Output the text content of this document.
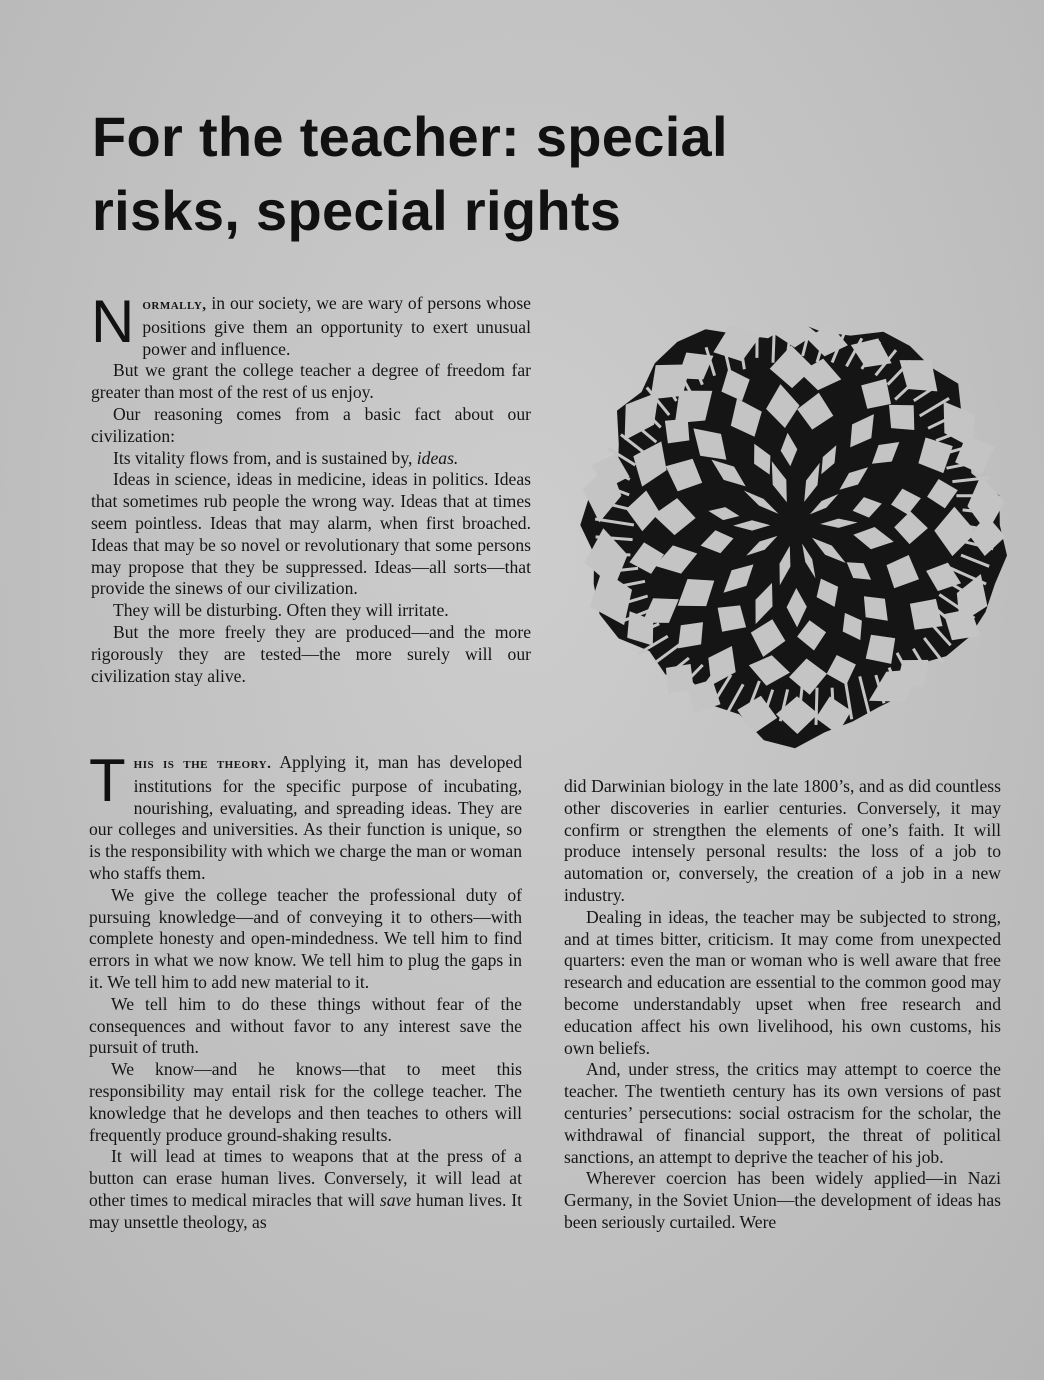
For the teacher: special risks, special rights

Normally, in our society, we are wary of persons whose positions give them an opportunity to exert unusual power and influence.

But we grant the college teacher a degree of freedom far greater than most of the rest of us enjoy.

Our reasoning comes from a basic fact about our civilization:

Its vitality flows from, and is sustained by, ideas.

Ideas in science, ideas in medicine, ideas in politics. Ideas that sometimes rub people the wrong way. Ideas that at times seem pointless. Ideas that may alarm, when first broached. Ideas that may be so novel or revolutionary that some persons may propose that they be suppressed. Ideas—all sorts—that provide the sinews of our civilization.

They will be disturbing. Often they will irritate.

But the more freely they are produced—and the more rigorously they are tested—the more surely will our civilization stay alive.

This is the theory. Applying it, man has developed institutions for the specific purpose of incubating, nourishing, evaluating, and spreading ideas. They are our colleges and universities. As their function is unique, so is the responsibility with which we charge the man or woman who staffs them.

We give the college teacher the professional duty of pursuing knowledge—and of conveying it to others—with complete honesty and open-mindedness. We tell him to find errors in what we now know. We tell him to plug the gaps in it. We tell him to add new material to it.

We tell him to do these things without fear of the consequences and without favor to any interest save the pursuit of truth.

We know—and he knows—that to meet this responsibility may entail risk for the college teacher. The knowledge that he develops and then teaches to others will frequently produce ground-shaking results.

It will lead at times to weapons that at the press of a button can erase human lives. Conversely, it will lead at other times to medical miracles that will save human lives. It may unsettle theology, as

did Darwinian biology in the late 1800’s, and as did countless other discoveries in earlier centuries. Conversely, it may confirm or strengthen the elements of one’s faith. It will produce intensely personal results: the loss of a job to automation or, conversely, the creation of a job in a new industry.

Dealing in ideas, the teacher may be subjected to strong, and at times bitter, criticism. It may come from unexpected quarters: even the man or woman who is well aware that free research and education are essential to the common good may become understandably upset when free research and education affect his own livelihood, his own customs, his own beliefs.

And, under stress, the critics may attempt to coerce the teacher. The twentieth century has its own versions of past centuries’ persecutions: social ostracism for the scholar, the withdrawal of financial support, the threat of political sanctions, an attempt to deprive the teacher of his job.

Wherever coercion has been widely applied—in Nazi Germany, in the Soviet Union—the development of ideas has been seriously curtailed. Were
